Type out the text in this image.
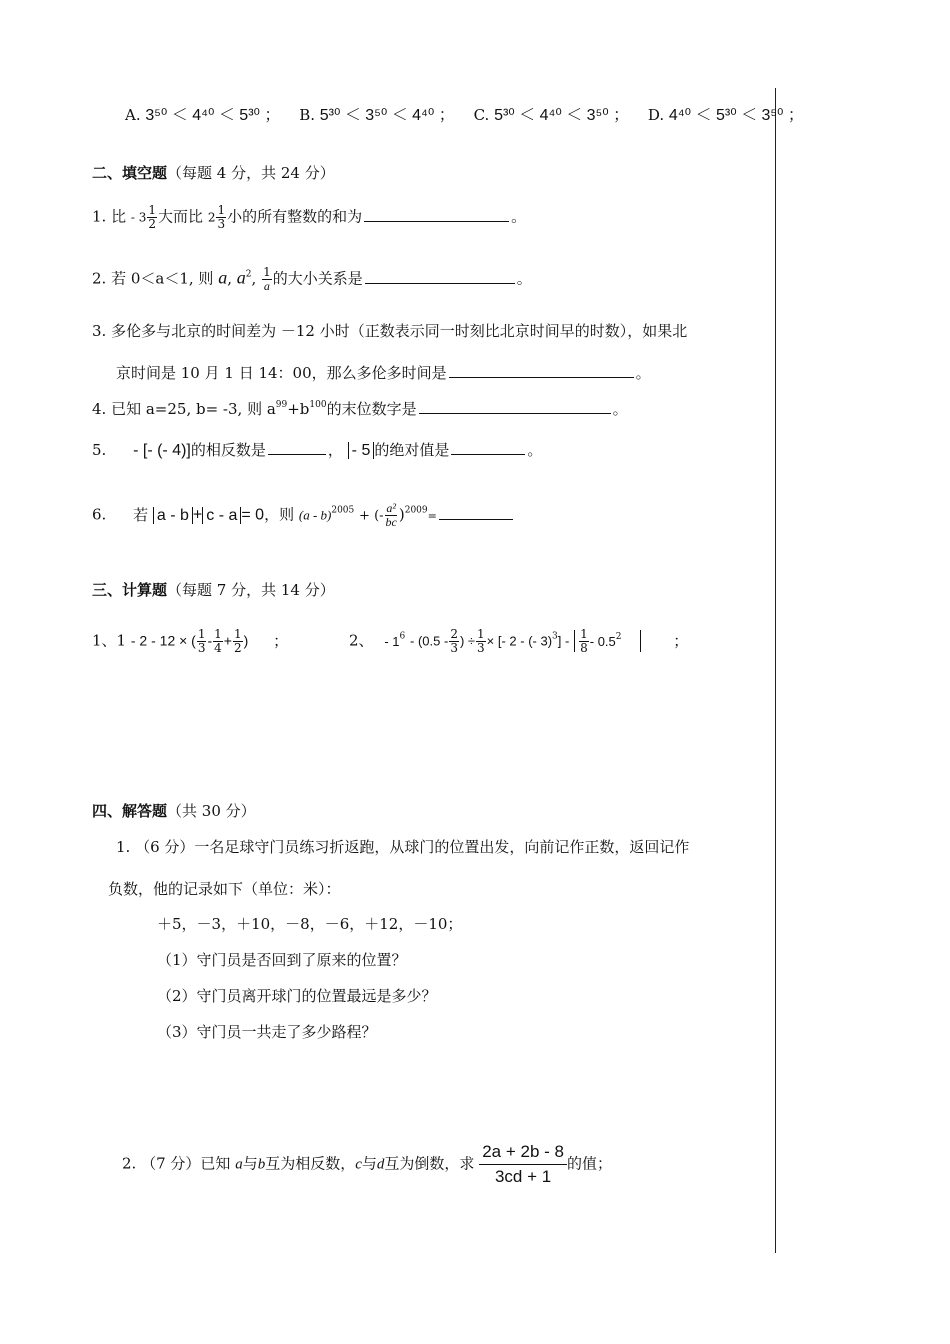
A. 3⁵⁰ ＜ 4⁴⁰ ＜ 5³⁰ ； B. 5³⁰ ＜ 3⁵⁰ ＜ 4⁴⁰ ； C. 5³⁰ ＜ 4⁴⁰ ＜ 3⁵⁰ ； D. 4⁴⁰ ＜ 5³⁰ ＜ 3⁵⁰ ；
二、填空题（每题 4 分，共 24 分）
1. 比 - $3 \frac{1}{2}$ 大而比 $2 \frac{1}{3}$ 小的所有整数的和为	。
2. 若 0＜a＜1, 则 a, $a^2$, $\frac{1}{a}$ 的大小关系是	。
3. 多伦多与北京的时间差为 －12 小时（正数表示同一时刻比北京时间早的时数），如果北
京时间是 10 月 1 日 14：00，那么多伦多时间是	。
4. 已知 a=25, b= -3, 则 $a^{99}+b^{100}$的末位数字是	。
5. - [- (- 4)]的相反数是	， - 5 的绝对值是	。
6. 若 a - b + c - a = 0，则 (a - b)$^{2005}$ + (- $\frac{\text{a²}}{bc} )^{2009}=$
三、计算题（每题 7 分，共 14 分）
1、1 - 2 - 12 × ( $\frac{1}{3} - \frac{1}{4} + \frac{1}{2}$ ) ；	2、 - $1^6 - (0.5 - \frac{2}{3}$ ) ÷ $\frac{1}{3}$ × [- 2 - (- $3)^3] - \frac{1}{8} - 0.5^2$	；
四、解答题（共 30 分）
1. （6 分）一名足球守门员练习折返跑，从球门的位置出发，向前记作正数，返回记作
负数，他的记录如下（单位：米）：
＋5，－3，＋10，－8，－6，＋12，－10；
（1）守门员是否回到了原来的位置？
（2）守门员离开球门的位置最远是多少？
（3）守门员一共走了多少路程？
2. （7 分）已知 a与b互为相反数，c与d互为倒数，求 $\frac{2a + 2b - 8}{3cd + 1}$ 的值；
